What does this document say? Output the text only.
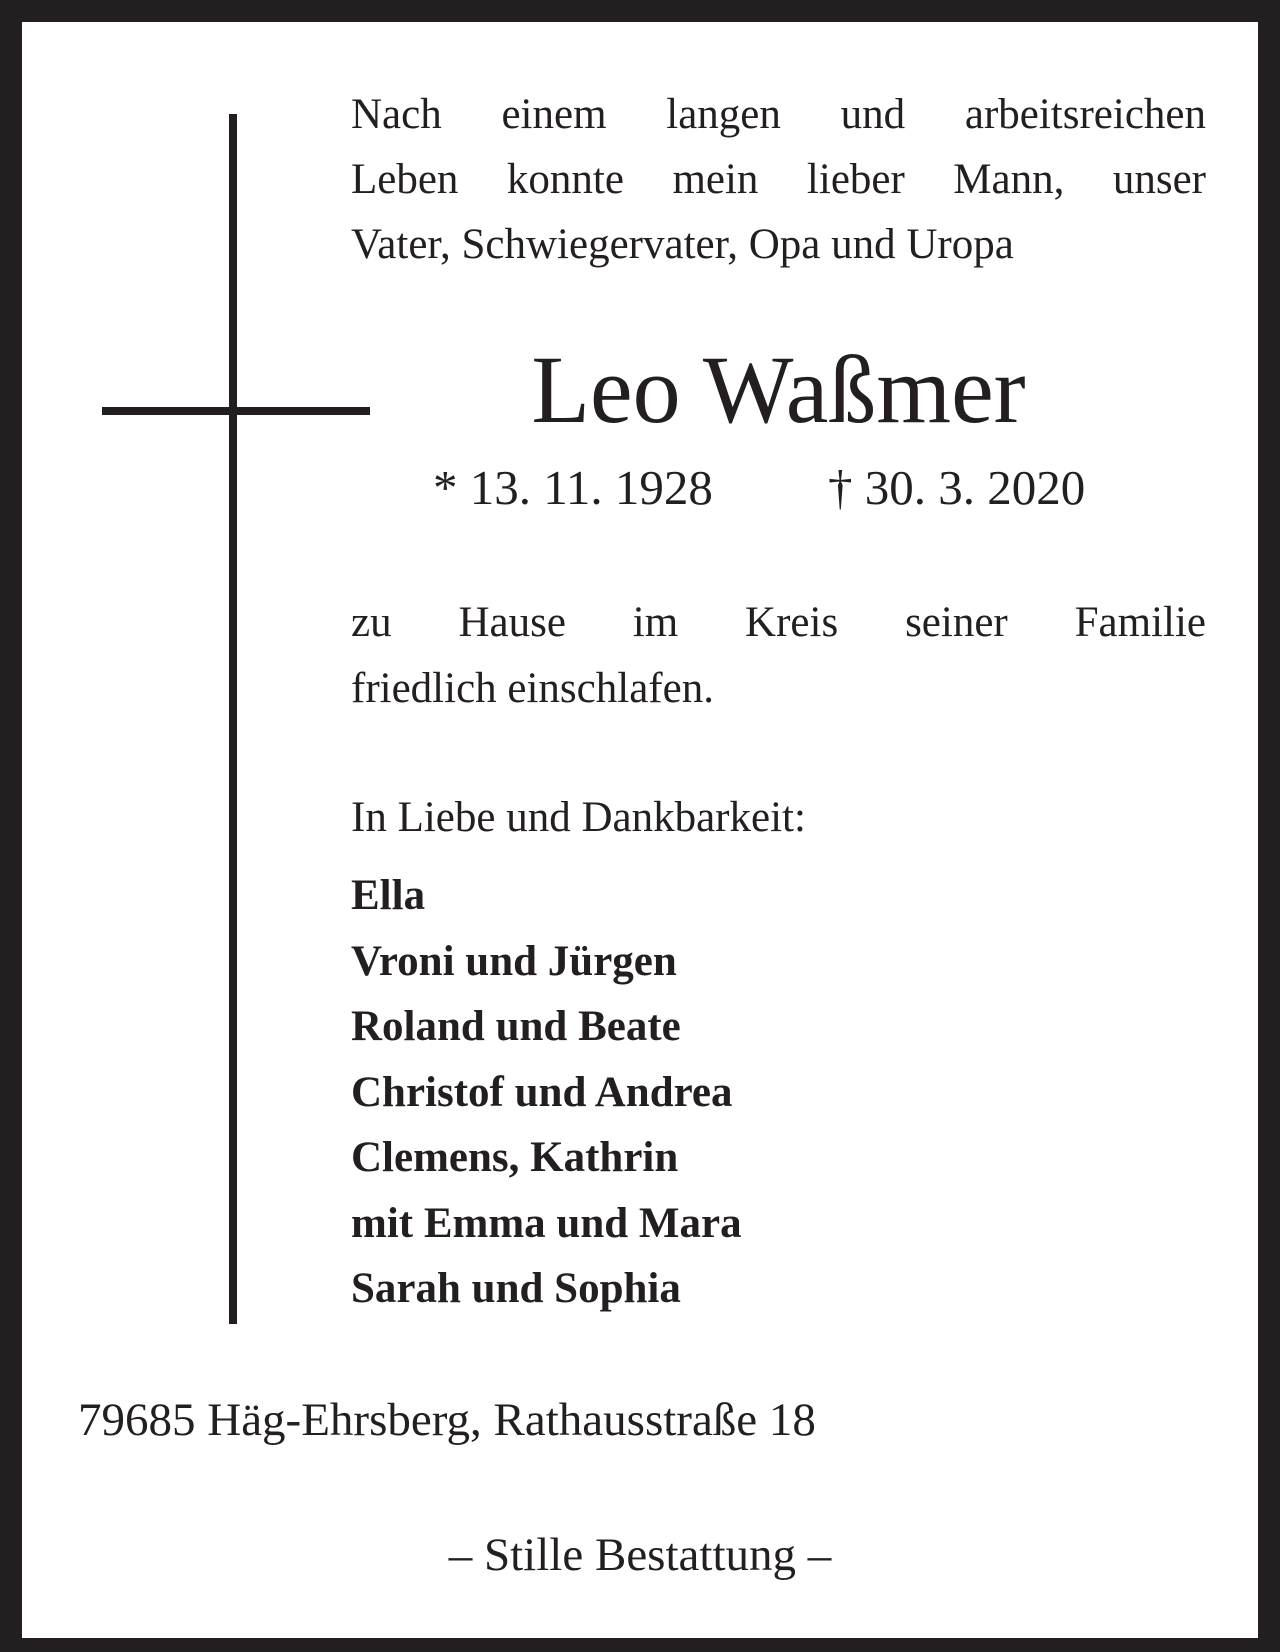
Nach einem langen und arbeitsreichen
Leben konnte mein lieber Mann, unser
Vater, Schwiegervater, Opa und Uropa

Leo Waßmer
* 13. 11. 1928 † 30. 3. 2020

zu Hause im Kreis seiner Familie
friedlich einschlafen.

In Liebe und Dankbarkeit:

Ella
Vroni und Jürgen
Roland und Beate
Christof und Andrea
Clemens, Kathrin
mit Emma und Mara
Sarah und Sophia
79685 Häg-Ehrsberg, Rathausstraße 18
– Stille Bestattung –
